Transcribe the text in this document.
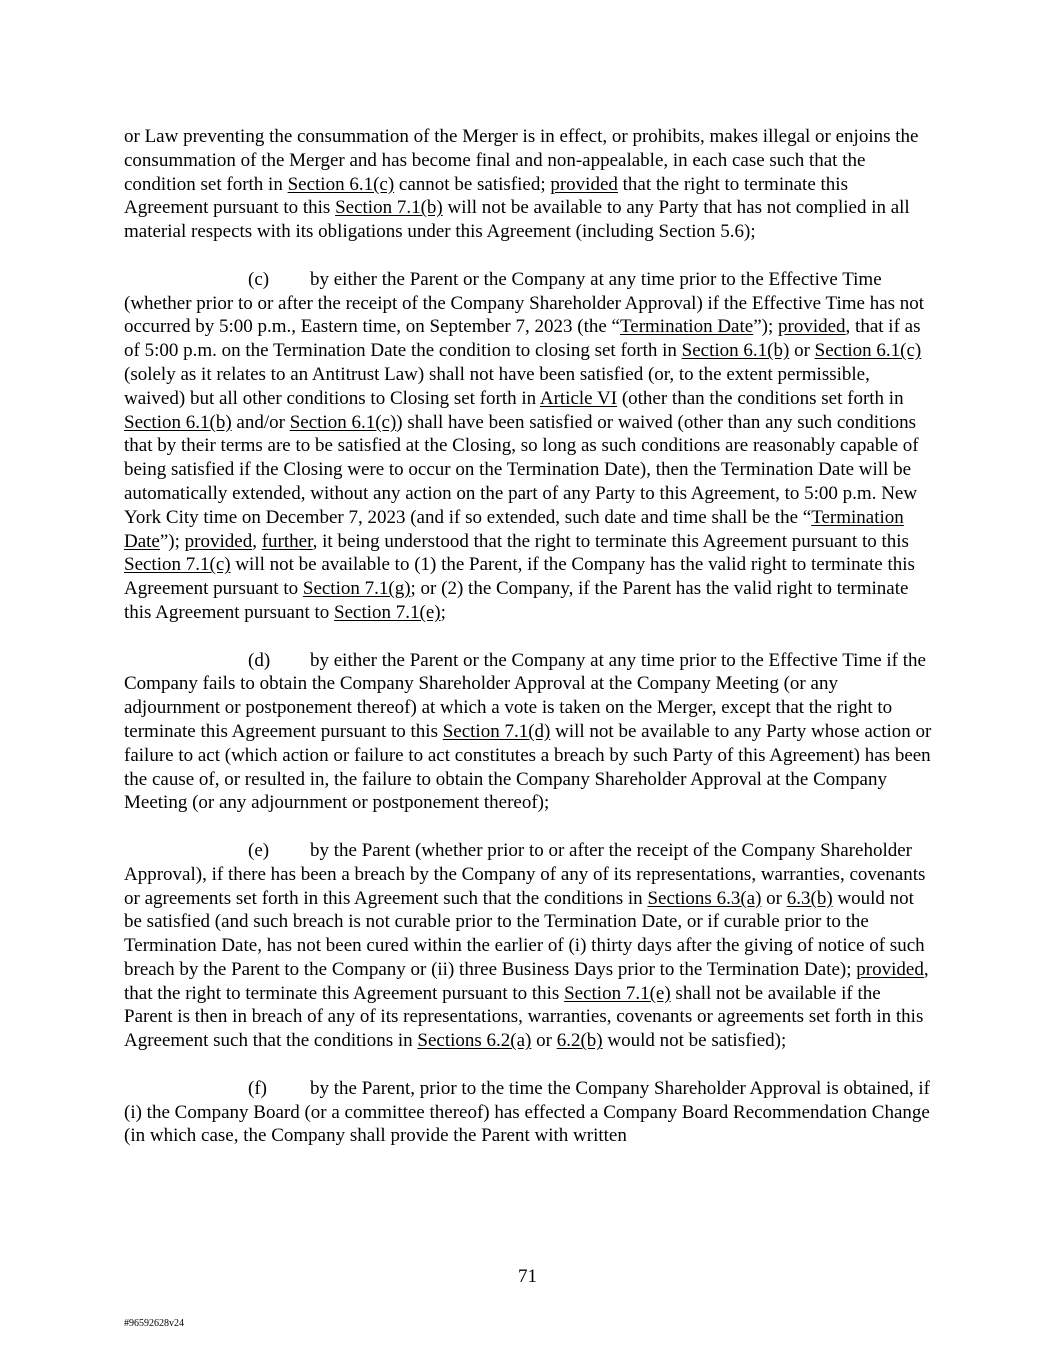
or Law preventing the consummation of the Merger is in effect, or prohibits, makes illegal or enjoins the consummation of the Merger and has become final and non-appealable, in each case such that the condition set forth in Section 6.1(c) cannot be satisfied; provided that the right to terminate this Agreement pursuant to this Section 7.1(b) will not be available to any Party that has not complied in all material respects with its obligations under this Agreement (including Section 5.6);

(c) by either the Parent or the Company at any time prior to the Effective Time (whether prior to or after the receipt of the Company Shareholder Approval) if the Effective Time has not occurred by 5:00 p.m., Eastern time, on September 7, 2023 (the “Termination Date”); provided, that if as of 5:00 p.m. on the Termination Date the condition to closing set forth in Section 6.1(b) or Section 6.1(c) (solely as it relates to an Antitrust Law) shall not have been satisfied (or, to the extent permissible, waived) but all other conditions to Closing set forth in Article VI (other than the conditions set forth in Section 6.1(b) and/or Section 6.1(c)) shall have been satisfied or waived (other than any such conditions that by their terms are to be satisfied at the Closing, so long as such conditions are reasonably capable of being satisfied if the Closing were to occur on the Termination Date), then the Termination Date will be automatically extended, without any action on the part of any Party to this Agreement, to 5:00 p.m. New York City time on December 7, 2023 (and if so extended, such date and time shall be the “Termination Date”); provided, further, it being understood that the right to terminate this Agreement pursuant to this Section 7.1(c) will not be available to (1) the Parent, if the Company has the valid right to terminate this Agreement pursuant to Section 7.1(g); or (2) the Company, if the Parent has the valid right to terminate this Agreement pursuant to Section 7.1(e);

(d) by either the Parent or the Company at any time prior to the Effective Time if the Company fails to obtain the Company Shareholder Approval at the Company Meeting (or any adjournment or postponement thereof) at which a vote is taken on the Merger, except that the right to terminate this Agreement pursuant to this Section 7.1(d) will not be available to any Party whose action or failure to act (which action or failure to act constitutes a breach by such Party of this Agreement) has been the cause of, or resulted in, the failure to obtain the Company Shareholder Approval at the Company Meeting (or any adjournment or postponement thereof);

(e) by the Parent (whether prior to or after the receipt of the Company Shareholder Approval), if there has been a breach by the Company of any of its representations, warranties, covenants or agreements set forth in this Agreement such that the conditions in Sections 6.3(a) or 6.3(b) would not be satisfied (and such breach is not curable prior to the Termination Date, or if curable prior to the Termination Date, has not been cured within the earlier of (i) thirty days after the giving of notice of such breach by the Parent to the Company or (ii) three Business Days prior to the Termination Date); provided, that the right to terminate this Agreement pursuant to this Section 7.1(e) shall not be available if the Parent is then in breach of any of its representations, warranties, covenants or agreements set forth in this Agreement such that the conditions in Sections 6.2(a) or 6.2(b) would not be satisfied);

(f) by the Parent, prior to the time the Company Shareholder Approval is obtained, if (i) the Company Board (or a committee thereof) has effected a Company Board Recommendation Change (in which case, the Company shall provide the Parent with written

71
#96592628v24
